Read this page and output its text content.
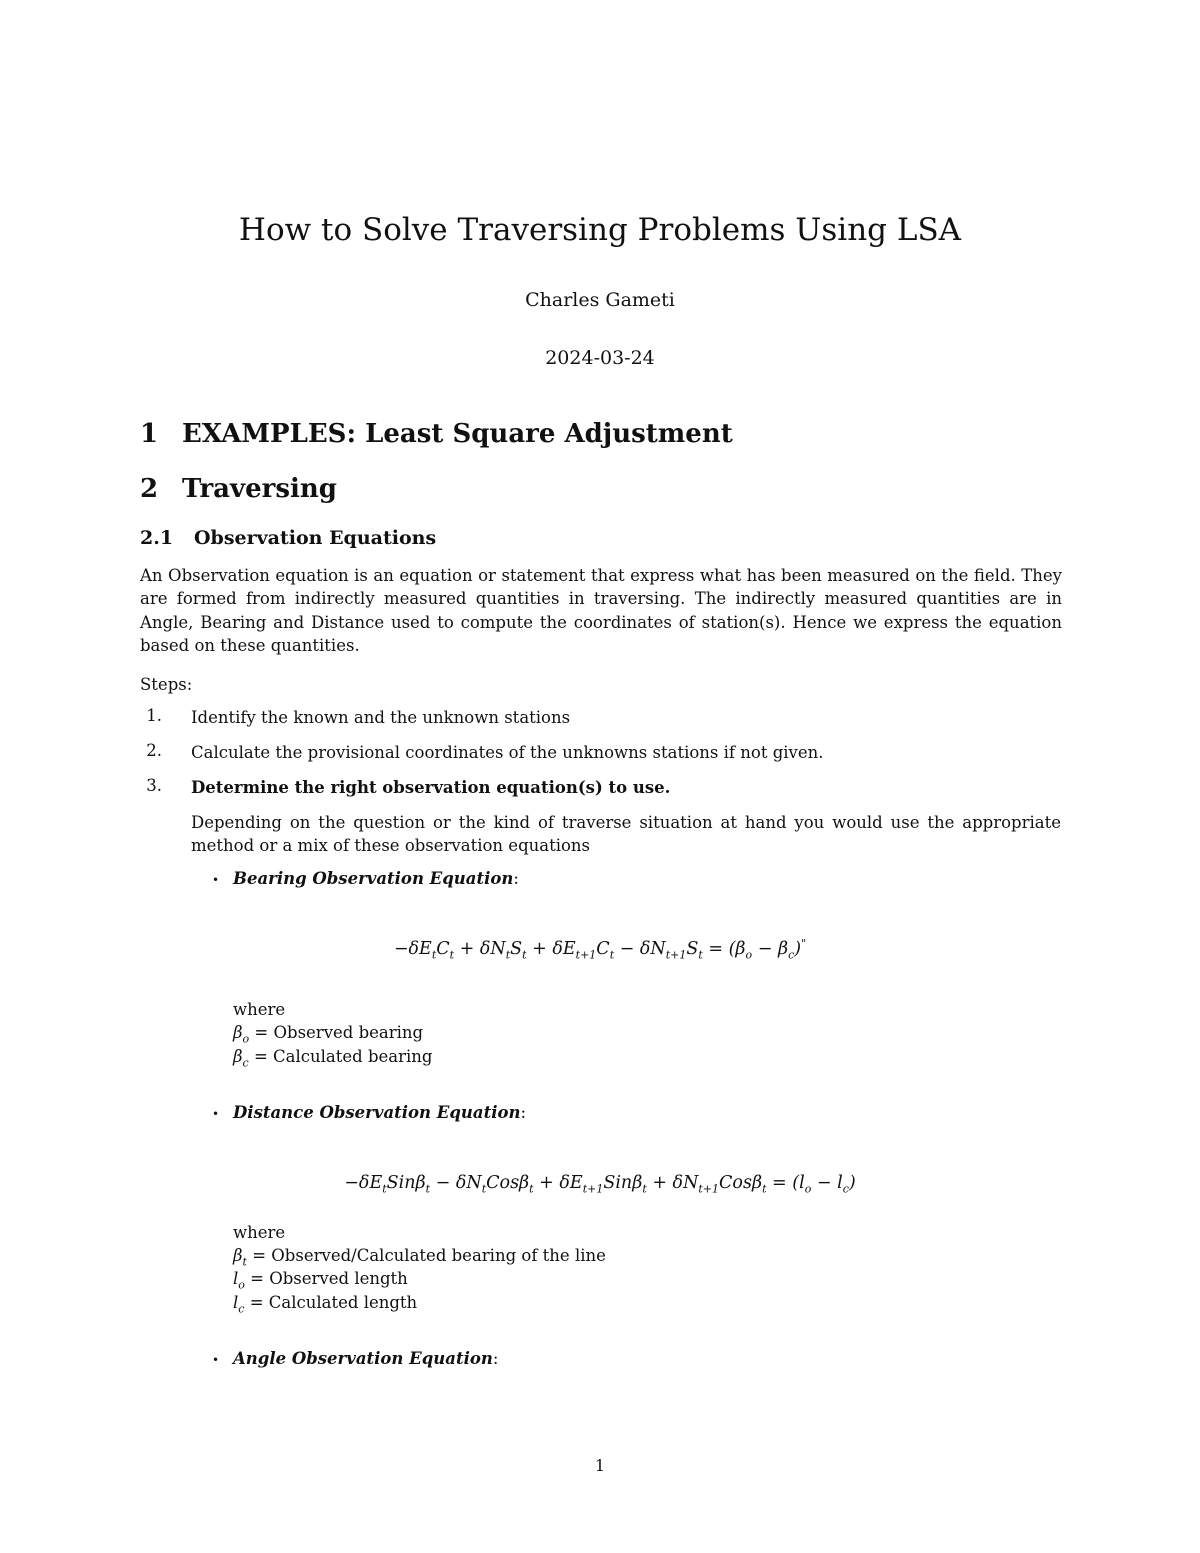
How to Solve Traversing Problems Using LSA
Charles Gameti
2024-03-24
1 EXAMPLES: Least Square Adjustment
2 Traversing
2.1 Observation Equations
An Observation equation is an equation or statement that express what has been measured on the field. They are formed from indirectly measured quantities in traversing. The indirectly measured quantities are in Angle, Bearing and Distance used to compute the coordinates of station(s). Hence we express the equation based on these quantities.
Steps:
1. Identify the known and the unknown stations
2. Calculate the provisional coordinates of the unknowns stations if not given.
3. Determine the right observation equation(s) to use.
Depending on the question or the kind of traverse situation at hand you would use the appropriate method or a mix of these observation equations
• Bearing Observation Equation:
$-\delta E_tC_t + \delta N_tS_t + \delta E_{t+1}C_t - \delta N_{t+1}S_t = (\beta_o - \beta_c)^"$
where
$\beta_o$ = Observed bearing
$\beta_c$ = Calculated bearing
• Distance Observation Equation:
$-\delta E_tSin\beta_t - \delta N_tCos\beta_t + \delta E_{t+1}Sin\beta_t + \delta N_{t+1}Cos\beta_t = (l_o - l_c)$
where
$\beta_t$ = Observed/Calculated bearing of the line
$l_o$ = Observed length
$l_c$ = Calculated length
• Angle Observation Equation:
1
